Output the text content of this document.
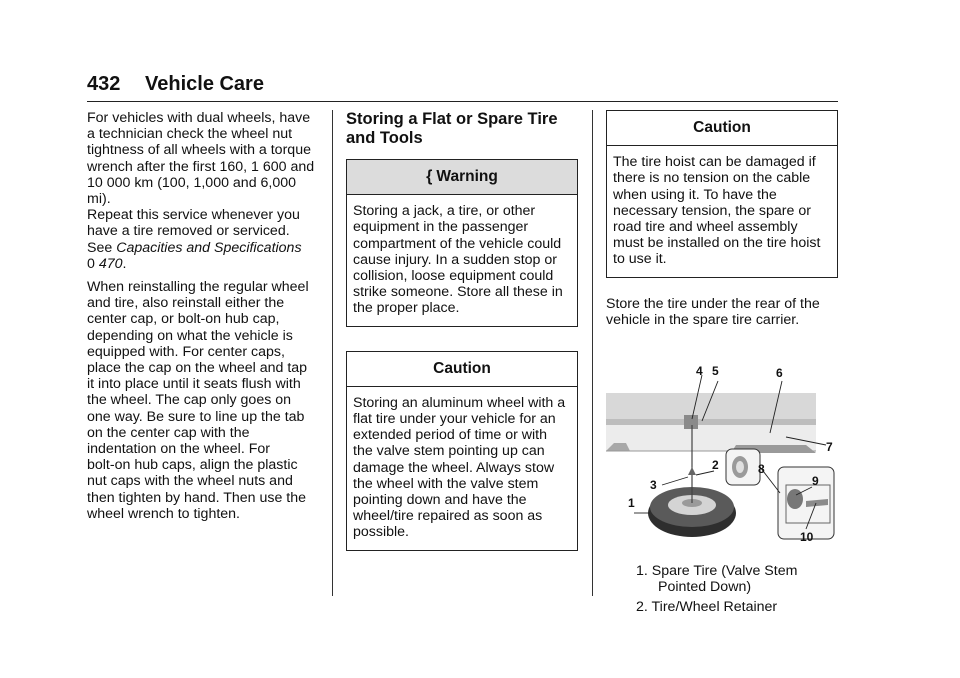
432 Vehicle Care

For vehicles with dual wheels, have
a technician check the wheel nut
tightness of all wheels with a torque
wrench after the first 160, 1 600 and
10 000 km (100, 1,000 and 6,000 mi).
Repeat this service whenever you
have a tire removed or serviced.
See Capacities and Specifications
0 470.

When reinstalling the regular wheel
and tire, also reinstall either the
center cap, or bolt-on hub cap,
depending on what the vehicle is
equipped with. For center caps,
place the cap on the wheel and tap
it into place until it seats flush with
the wheel. The cap only goes on
one way. Be sure to line up the tab
on the center cap with the
indentation on the wheel. For
bolt-on hub caps, align the plastic
nut caps with the wheel nuts and
then tighten by hand. Then use the
wheel wrench to tighten.

Storing a Flat or Spare Tire
and Tools
{ Warning
Storing a jack, a tire, or other
equipment in the passenger
compartment of the vehicle could
cause injury. In a sudden stop or
collision, loose equipment could
strike someone. Store all these in
the proper place.
Caution
Storing an aluminum wheel with a
flat tire under your vehicle for an
extended period of time or with
the valve stem pointing up can
damage the wheel. Always stow
the wheel with the valve stem
pointing down and have the
wheel/tire repaired as soon as
possible.
Caution
The tire hoist can be damaged if
there is no tension on the cable
when using it. To have the
necessary tension, the spare or
road tire and wheel assembly
must be installed on the tire hoist
to use it.

Store the tire under the rear of the
vehicle in the spare tire carrier.

4 5	6
7
8
2
3
1
9
10
1. Spare Tire (Valve Stem
Pointed Down)
2. Tire/Wheel Retainer
